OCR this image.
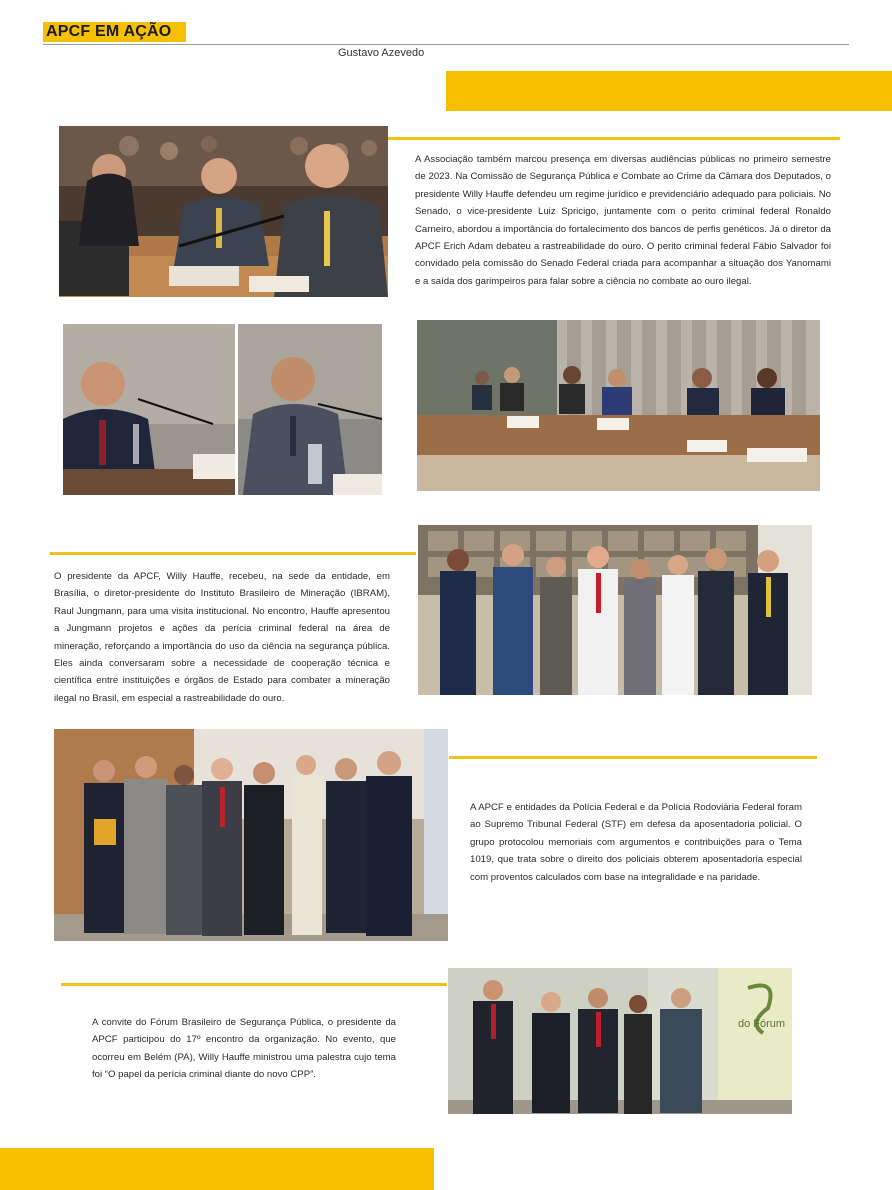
APCF EM AÇÃO
Gustavo Azevedo

A Associação também marcou presença em diversas audiências públicas no primeiro semestre de 2023. Na Comissão de Segurança Pública e Combate ao Crime da Câmara dos Deputados, o presidente Willy Hauffe defendeu um regime jurídico e previdenciário adequado para policiais. No Senado, o vice-presidente Luiz Spricigo, juntamente com o perito criminal federal Ronaldo Carneiro, abordou a importância do fortalecimento dos bancos de perfis genéticos. Já o diretor da APCF Erich Adam debateu a rastreabilidade do ouro. O perito criminal federal Fábio Salvador foi convidado pela comissão do Senado Federal criada para acompanhar a situação dos Yanomami e a saída dos garimpeiros para falar sobre a ciência no combate ao ouro ilegal.

O presidente da APCF, Willy Hauffe, recebeu, na sede da entidade, em Brasília, o diretor-presidente do Instituto Brasileiro de Mineração (IBRAM), Raul Jungmann, para uma visita institucional. No encontro, Hauffe apresentou a Jungmann projetos e ações da perícia criminal federal na área de mineração, reforçando a importância do uso da ciência na segurança pública. Eles ainda conversaram sobre a necessidade de cooperação técnica e científica entre instituições e órgãos de Estado para combater a mineração ilegal no Brasil, em especial a rastreabilidade do ouro.

A APCF e entidades da Polícia Federal e da Polícia Rodoviária Federal foram ao Supremo Tribunal Federal (STF) em defesa da aposentadoria policial. O grupo protocolou memoriais com argumentos e contribuições para o Tema 1019, que trata sobre o direito dos policiais obterem aposentadoria especial com proventos calculados com base na integralidade e na paridade.

A convite do Fórum Brasileiro de Segurança Pública, o presidente da APCF participou do 17º encontro da organização. No evento, que ocorreu em Belém (PA), Willy Hauffe ministrou uma palestra cujo tema foi “O papel da perícia criminal diante do novo CPP”.

do Fórum
